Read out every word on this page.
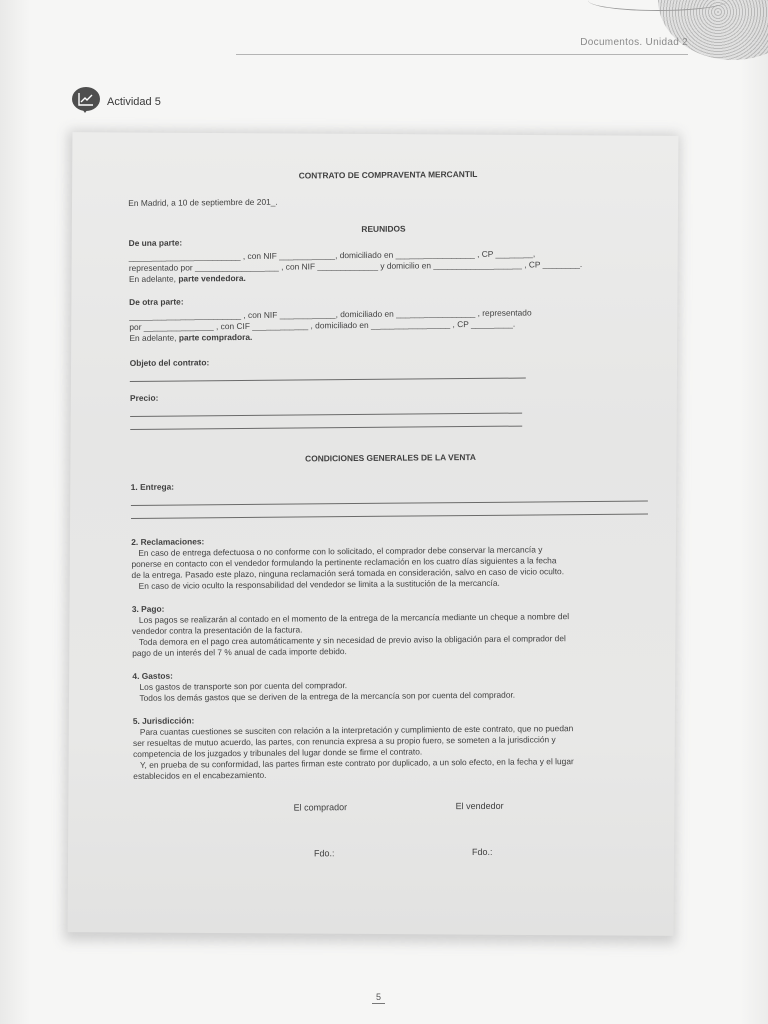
Documentos. Unidad 2
Actividad 5

CONTRATO DE COMPRAVENTA MERCANTIL

En Madrid, a 10 de septiembre de 201_.

REUNIDOS

De una parte:

________________________ , con NIF ____________, domiciliado en _________________ , CP ________,

representado por __________________ , con NIF _____________ y domicilio en ___________________ , CP ________.

En adelante, parte vendedora.

De otra parte:

________________________ , con NIF ____________, domiciliado en _________________ , representado

por _______________ , con CIF ____________ , domiciliado en _________________ , CP _________.

En adelante, parte compradora.

Objeto del contrato:

Precio:

CONDICIONES GENERALES DE LA VENTA

1. Entrega:

2. Reclamaciones:

En caso de entrega defectuosa o no conforme con lo solicitado, el comprador debe conservar la mercancía y

ponerse en contacto con el vendedor formulando la pertinente reclamación en los cuatro días siguientes a la fecha

de la entrega. Pasado este plazo, ninguna reclamación será tomada en consideración, salvo en caso de vicio oculto.

En caso de vicio oculto la responsabilidad del vendedor se limita a la sustitución de la mercancía.

3. Pago:

Los pagos se realizarán al contado en el momento de la entrega de la mercancía mediante un cheque a nombre del

vendedor contra la presentación de la factura.

Toda demora en el pago crea automáticamente y sin necesidad de previo aviso la obligación para el comprador del

pago de un interés del 7 % anual de cada importe debido.

4. Gastos:

Los gastos de transporte son por cuenta del comprador.

Todos los demás gastos que se deriven de la entrega de la mercancía son por cuenta del comprador.

5. Jurisdicción:

Para cuantas cuestiones se susciten con relación a la interpretación y cumplimiento de este contrato, que no puedan

ser resueltas de mutuo acuerdo, las partes, con renuncia expresa a su propio fuero, se someten a la jurisdicción y

competencia de los juzgados y tribunales del lugar donde se firme el contrato.

Y, en prueba de su conformidad, las partes firman este contrato por duplicado, a un solo efecto, en la fecha y el lugar

establecidos en el encabezamiento.

El comprador	El vendedor

Fdo.:	Fdo.:

5
